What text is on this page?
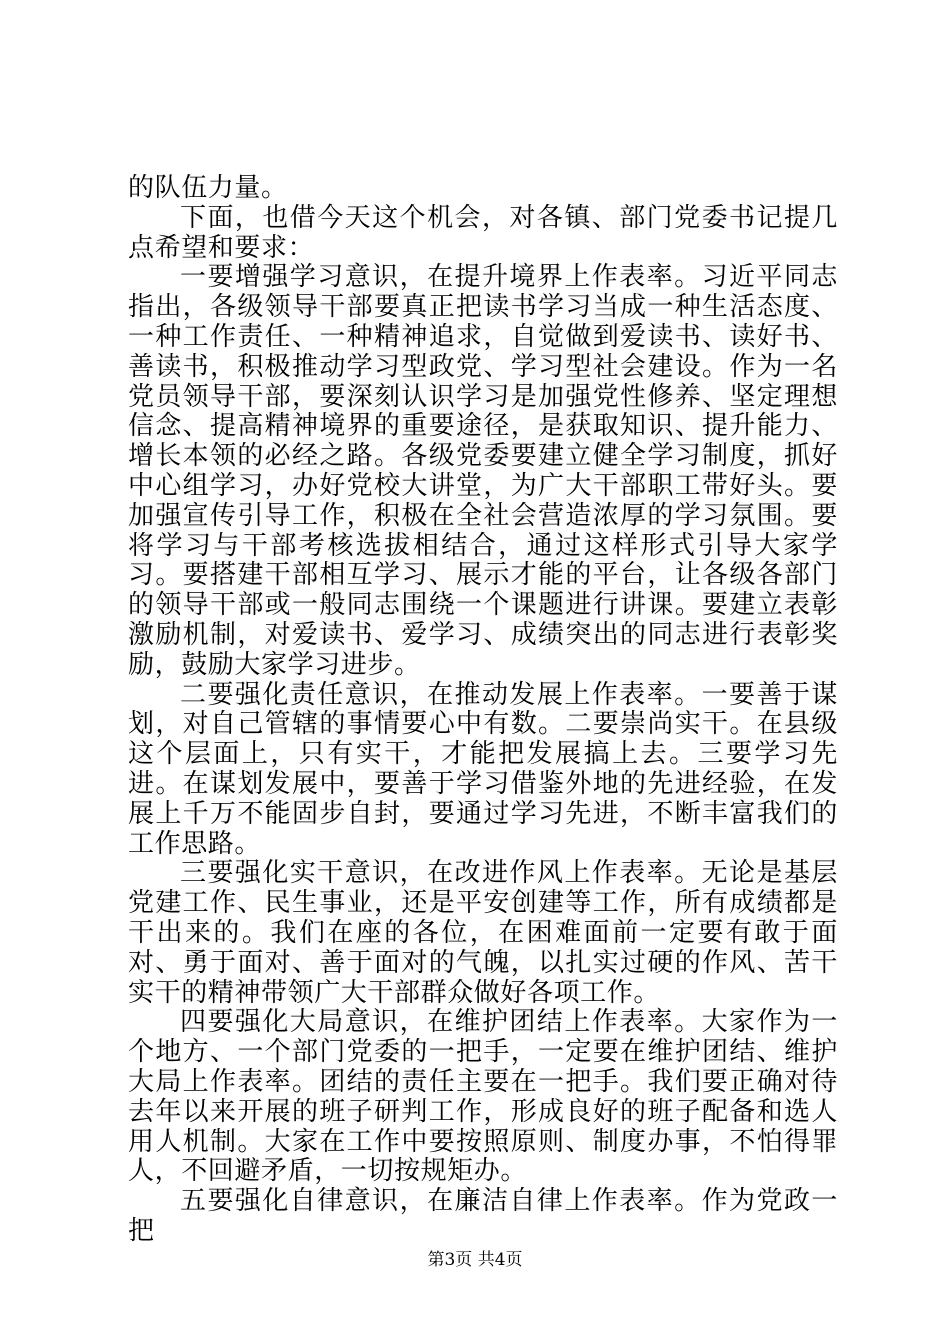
的队伍力量。

下面，也借今天这个机会，对各镇、部门党委书记提几点希望和要求：

一要增强学习意识，在提升境界上作表率。习近平同志指出，各级领导干部要真正把读书学习当成一种生活态度、一种工作责任、一种精神追求，自觉做到爱读书、读好书、善读书，积极推动学习型政党、学习型社会建设。作为一名党员领导干部，要深刻认识学习是加强党性修养、坚定理想信念、提高精神境界的重要途径，是获取知识、提升能力、增长本领的必经之路。各级党委要建立健全学习制度，抓好中心组学习，办好党校大讲堂，为广大干部职工带好头。要加强宣传引导工作，积极在全社会营造浓厚的学习氛围。要将学习与干部考核选拔相结合，通过这样形式引导大家学习。要搭建干部相互学习、展示才能的平台，让各级各部门的领导干部或一般同志围绕一个课题进行讲课。要建立表彰激励机制，对爱读书、爱学习、成绩突出的同志进行表彰奖励，鼓励大家学习进步。

二要强化责任意识，在推动发展上作表率。一要善于谋划，对自己管辖的事情要心中有数。二要崇尚实干。在县级这个层面上，只有实干，才能把发展搞上去。三要学习先进。在谋划发展中，要善于学习借鉴外地的先进经验，在发展上千万不能固步自封，要通过学习先进，不断丰富我们的工作思路。

三要强化实干意识，在改进作风上作表率。无论是基层党建工作、民生事业，还是平安创建等工作，所有成绩都是干出来的。我们在座的各位，在困难面前一定要有敢于面对、勇于面对、善于面对的气魄，以扎实过硬的作风、苦干实干的精神带领广大干部群众做好各项工作。

四要强化大局意识，在维护团结上作表率。大家作为一个地方、一个部门党委的一把手，一定要在维护团结、维护大局上作表率。团结的责任主要在一把手。我们要正确对待去年以来开展的班子研判工作，形成良好的班子配备和选人用人机制。大家在工作中要按照原则、制度办事，不怕得罪人，不回避矛盾，一切按规矩办。

五要强化自律意识，在廉洁自律上作表率。作为党政一把

第3页 共4页
